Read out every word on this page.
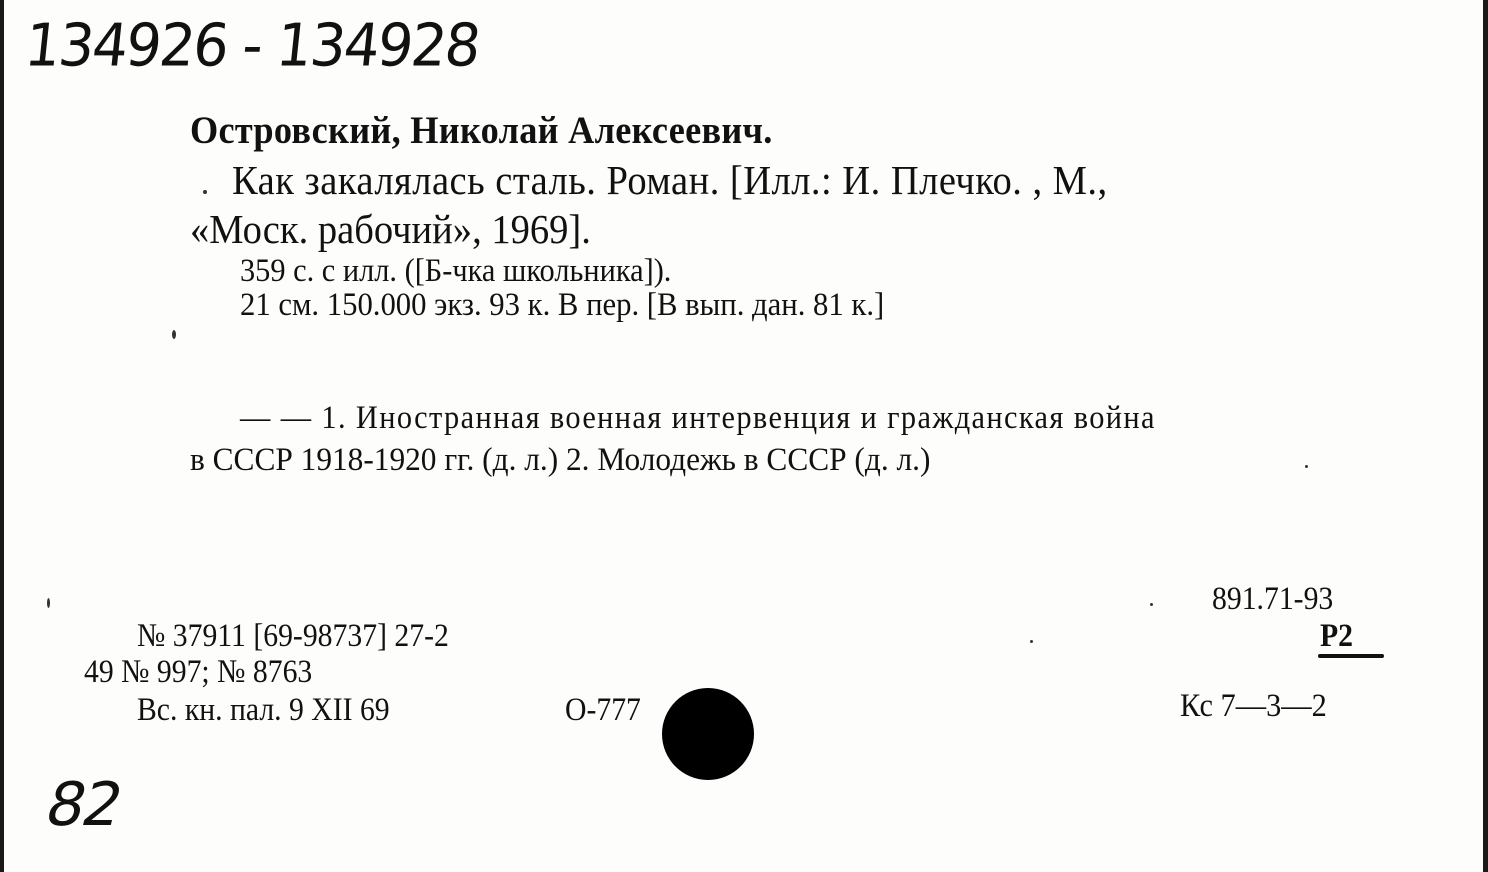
134926 - 134928
Островский, Николай Алексеевич.
Как закалялась сталь. Роман. [Илл.: И. Плечко. , М.,
«Моск. рабочий», 1969].
359 с. с илл. ([Б-чка школьника]).
21 см. 150.000 экз. 93 к. В пер. [В вып. дан. 81 к.]
— — 1. Иностранная военная интервенция и гражданская война
в СССР 1918-1920 гг. (д. л.) 2. Молодежь в СССР (д. л.)
891.71-93
Р2
№ 37911 [69-98737] 27-2
49 № 997; № 8763
Вс. кн. пал. 9 XII 69	О-777	Кс 7—3—2
82
